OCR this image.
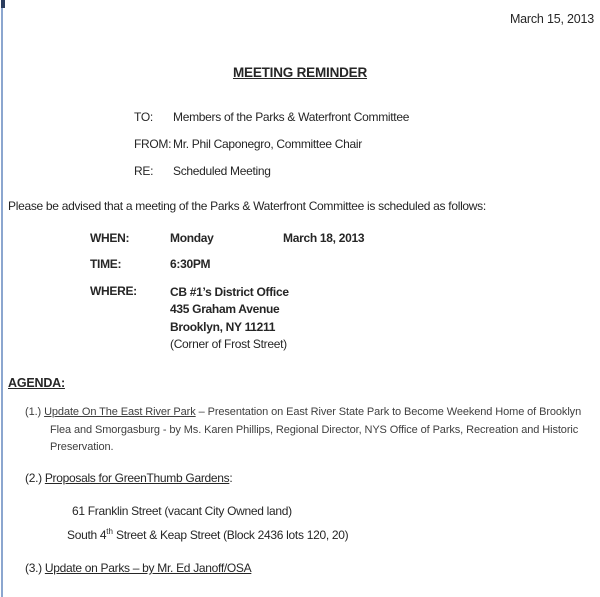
March 15, 2013
MEETING REMINDER
TO: Members of the Parks & Waterfront Committee
FROM: Mr. Phil Caponegro, Committee Chair
RE: Scheduled Meeting
Please be advised that a meeting of the Parks & Waterfront Committee is scheduled as follows:
WHEN:	Monday	March 18, 2013
TIME:	6:30PM
WHERE:	CB #1’s District Office
435 Graham Avenue
Brooklyn, NY 11211
(Corner of Frost Street)
AGENDA:
(1.) Update On The East River Park – Presentation on East River State Park to Become Weekend Home of Brooklyn Flea and Smorgasburg - by Ms. Karen Phillips, Regional Director, NYS Office of Parks, Recreation and Historic Preservation.
(2.) Proposals for GreenThumb Gardens:
61 Franklin Street (vacant City Owned land)
South 4th Street & Keap Street (Block 2436 lots 120, 20)
(3.) Update on Parks – by Mr. Ed Janoff/OSA
